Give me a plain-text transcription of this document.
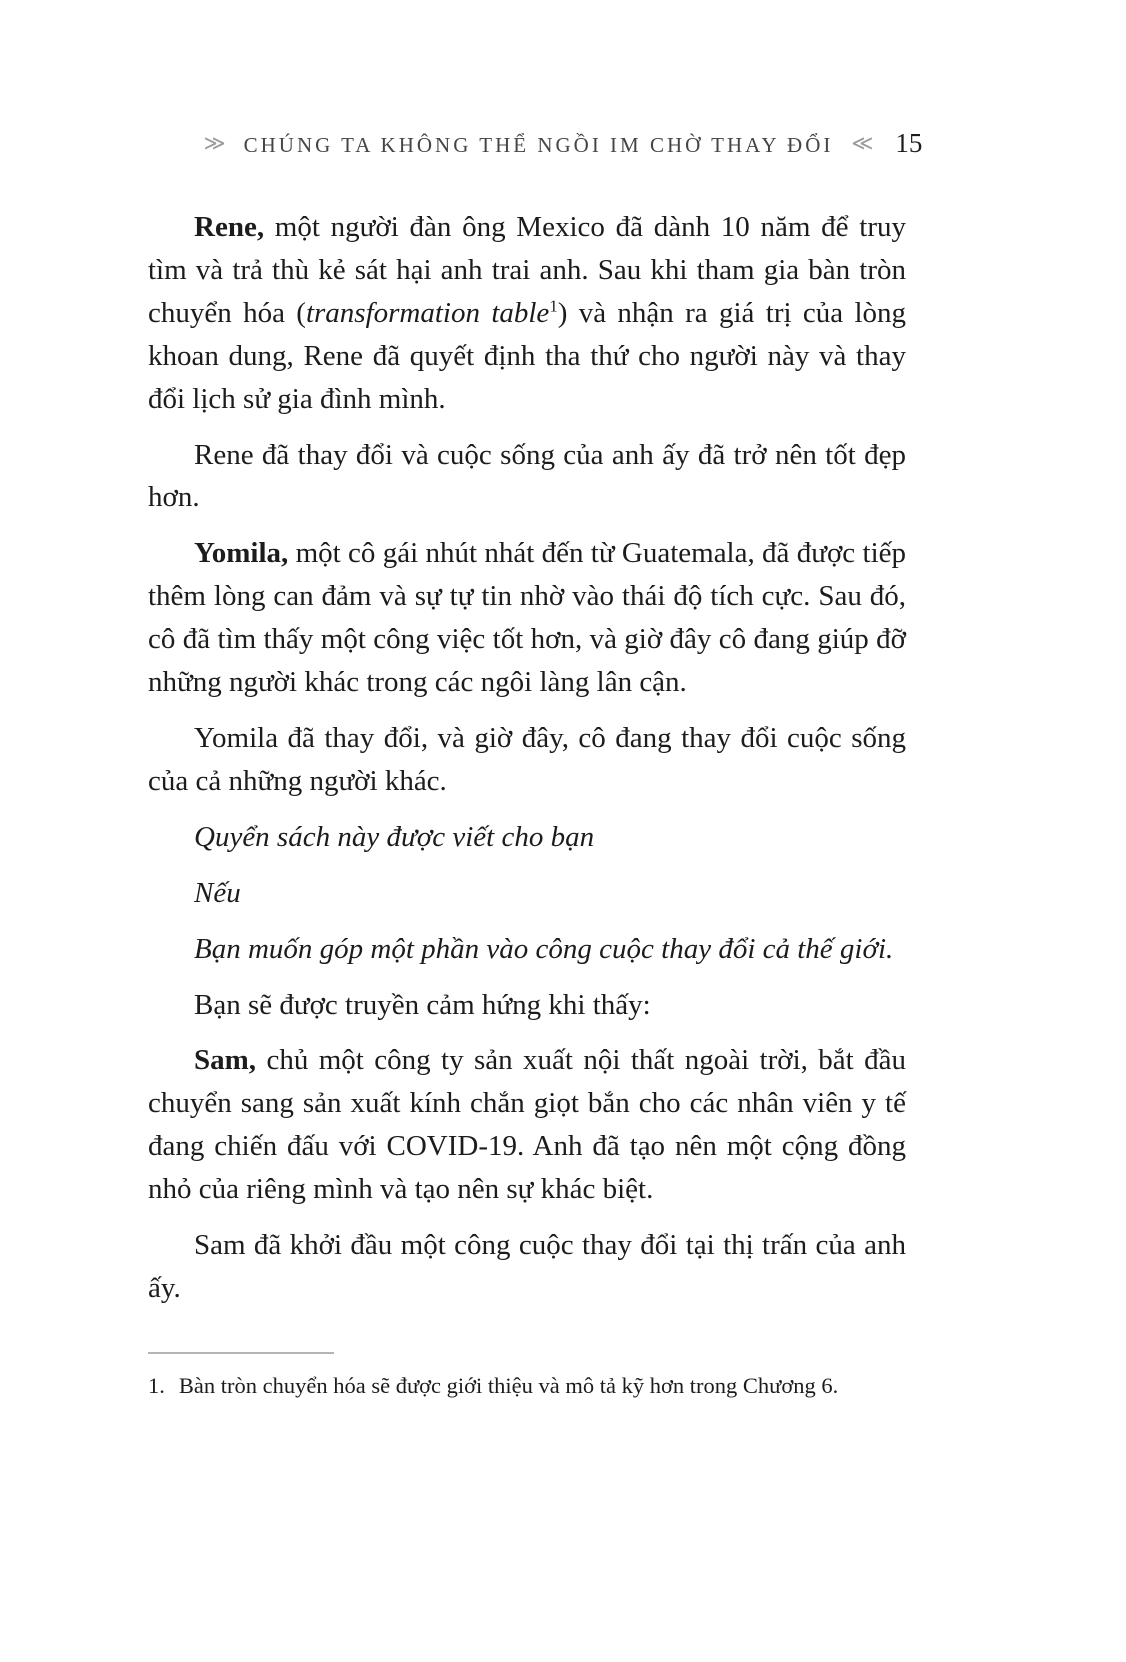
≫ CHÚNG TA KHÔNG THỂ NGỒI IM CHỜ THAY ĐỔI ≪ 15

Rene, một người đàn ông Mexico đã dành 10 năm để truy tìm và trả thù kẻ sát hại anh trai anh. Sau khi tham gia bàn tròn chuyển hóa (transformation table$^1$) và nhận ra giá trị của lòng khoan dung, Rene đã quyết định tha thứ cho người này và thay đổi lịch sử gia đình mình.

Rene đã thay đổi và cuộc sống của anh ấy đã trở nên tốt đẹp hơn.

Yomila, một cô gái nhút nhát đến từ Guatemala, đã được tiếp thêm lòng can đảm và sự tự tin nhờ vào thái độ tích cực. Sau đó, cô đã tìm thấy một công việc tốt hơn, và giờ đây cô đang giúp đỡ những người khác trong các ngôi làng lân cận.

Yomila đã thay đổi, và giờ đây, cô đang thay đổi cuộc sống của cả những người khác.

Quyển sách này được viết cho bạn

Nếu

Bạn muốn góp một phần vào công cuộc thay đổi cả thế giới.

Bạn sẽ được truyền cảm hứng khi thấy:

Sam, chủ một công ty sản xuất nội thất ngoài trời, bắt đầu chuyển sang sản xuất kính chắn giọt bắn cho các nhân viên y tế đang chiến đấu với COVID-19. Anh đã tạo nên một cộng đồng nhỏ của riêng mình và tạo nên sự khác biệt.

Sam đã khởi đầu một công cuộc thay đổi tại thị trấn của anh ấy.

1. Bàn tròn chuyển hóa sẽ được giới thiệu và mô tả kỹ hơn trong Chương 6.
